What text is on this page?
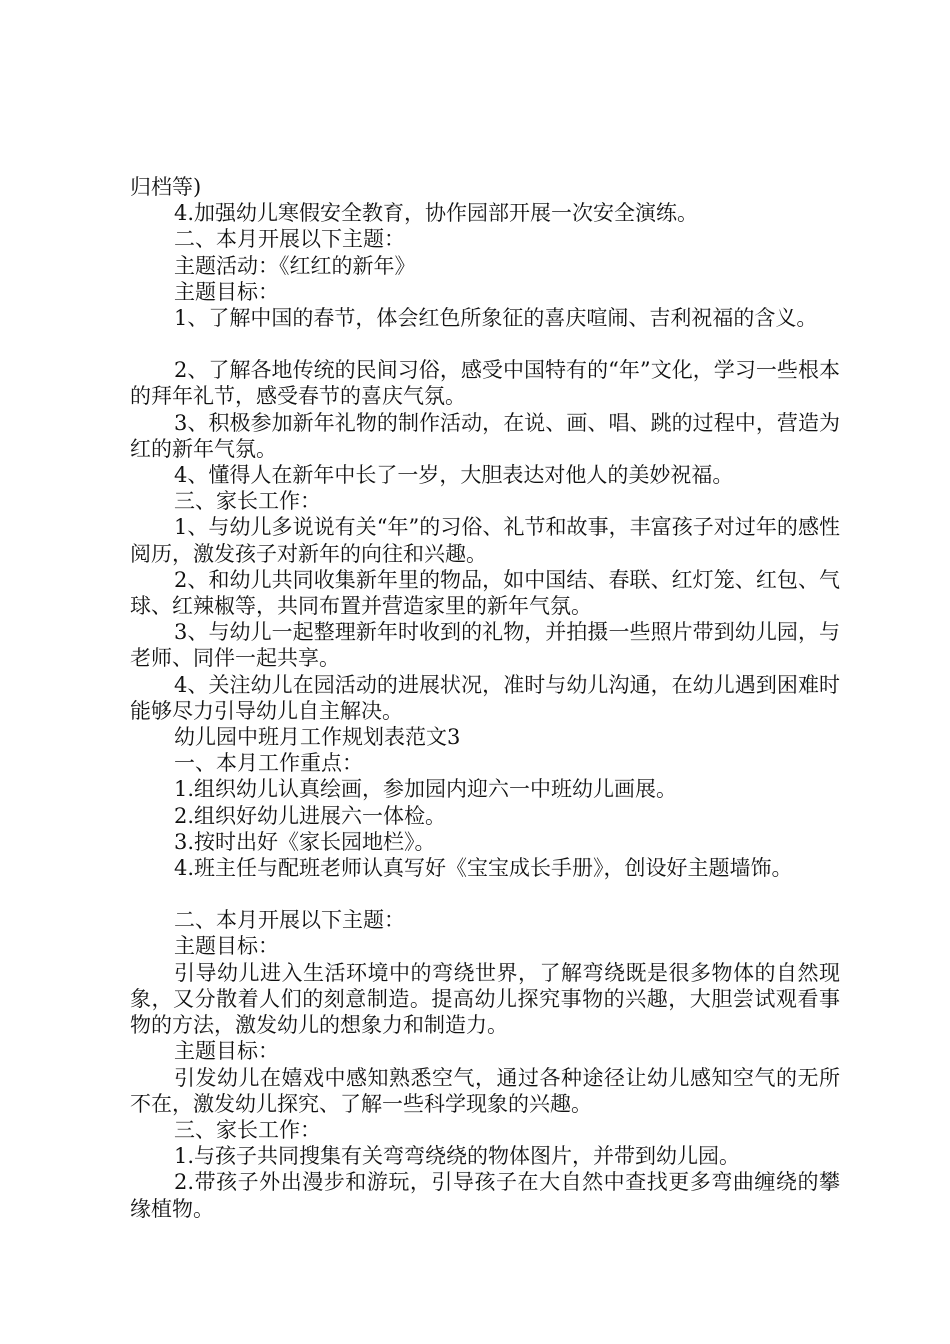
归档等)
4.加强幼儿寒假安全教育，协作园部开展一次安全演练。
二、本月开展以下主题：
主题活动：《红红的新年》
主题目标：
1、了解中国的春节，体会红色所象征的喜庆喧闹、吉利祝福的含义。
2、了解各地传统的民间习俗，感受中国特有的“年”文化，学习一些根本的拜年礼节，感受春节的喜庆气氛。
3、积极参加新年礼物的制作活动，在说、画、唱、跳的过程中，营造为红的新年气氛。
4、懂得人在新年中长了一岁，大胆表达对他人的美妙祝福。
三、家长工作：
1、与幼儿多说说有关“年”的习俗、礼节和故事，丰富孩子对过年的感性阅历，激发孩子对新年的向往和兴趣。
2、和幼儿共同收集新年里的物品，如中国结、春联、红灯笼、红包、气球、红辣椒等，共同布置并营造家里的新年气氛。
3、与幼儿一起整理新年时收到的礼物，并拍摄一些照片带到幼儿园，与老师、同伴一起共享。
4、关注幼儿在园活动的进展状况，准时与幼儿沟通，在幼儿遇到困难时能够尽力引导幼儿自主解决。
幼儿园中班月工作规划表范文3
一、本月工作重点：
1.组织幼儿认真绘画，参加园内迎六一中班幼儿画展。
2.组织好幼儿进展六一体检。
3.按时出好《家长园地栏》。
4.班主任与配班老师认真写好《宝宝成长手册》，创设好主题墙饰。
二、本月开展以下主题：
主题目标：
引导幼儿进入生活环境中的弯绕世界，了解弯绕既是很多物体的自然现象，又分散着人们的刻意制造。提高幼儿探究事物的兴趣，大胆尝试观看事物的方法，激发幼儿的想象力和制造力。
主题目标：
引发幼儿在嬉戏中感知熟悉空气，通过各种途径让幼儿感知空气的无所不在，激发幼儿探究、了解一些科学现象的兴趣。
三、家长工作：
1.与孩子共同搜集有关弯弯绕绕的物体图片，并带到幼儿园。
2.带孩子外出漫步和游玩，引导孩子在大自然中查找更多弯曲缠绕的攀缘植物。
